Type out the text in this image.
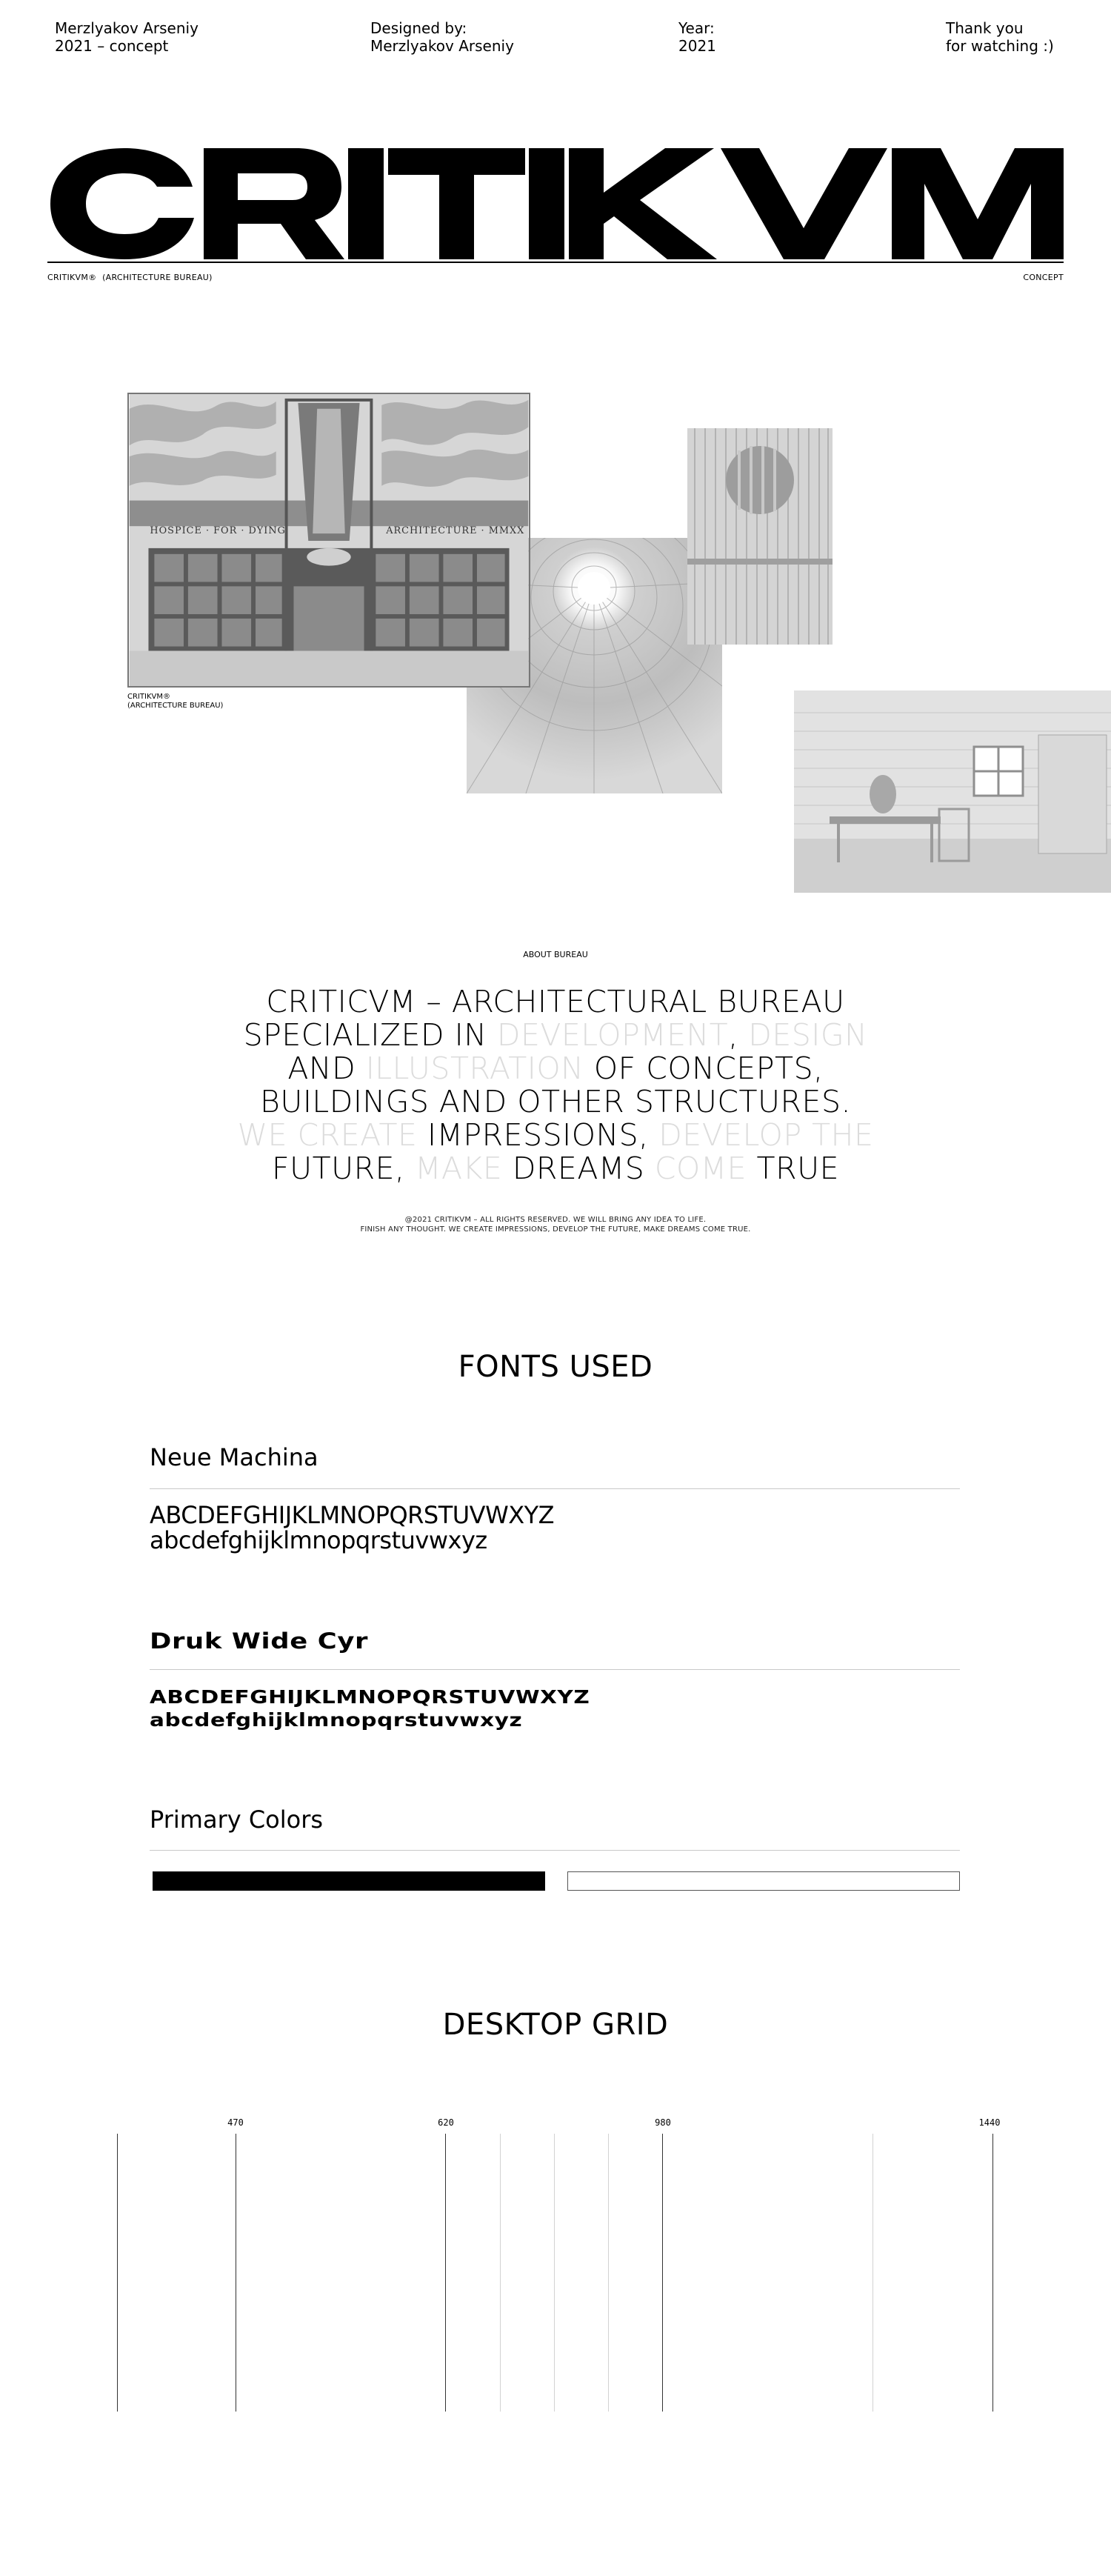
Merzlyakov Arseniy
2021 – concept
Designed by:
Merzlyakov Arseniy
Year:
2021
Thank you
for watching :)
CRITIKVM® (ARCHITECTURE BUREAU)	CONCEPT
HOSPICE · FOR · DYING	ARCHITECTURE · MMXX
CRITIKVM®
(ARCHITECTURE BUREAU)
ABOUT BUREAU
CRITICVM – ARCHITECTURAL BUREAU
SPECIALIZED IN DEVELOPMENT, DESIGN
AND ILLUSTRATION OF CONCEPTS,
BUILDINGS AND OTHER STRUCTURES.
WE CREATE IMPRESSIONS, DEVELOP THE
FUTURE, MAKE DREAMS COME TRUE
@2021 CRITIKVM – ALL RIGHTS RESERVED. WE WILL BRING ANY IDEA TO LIFE.
FINISH ANY THOUGHT. WE CREATE IMPRESSIONS, DEVELOP THE FUTURE, MAKE DREAMS COME TRUE.
FONTS USED
Neue Machina
ABCDEFGHIJKLMNOPQRSTUVWXYZ
abcdefghijklmnopqrstuvwxyz
Druk Wide Cyr
ABCDEFGHIJKLMNOPQRSTUVWXYZ
abcdefghijklmnopqrstuvwxyz
Primary Colors
DESKTOP GRID
470	620	980	1440
